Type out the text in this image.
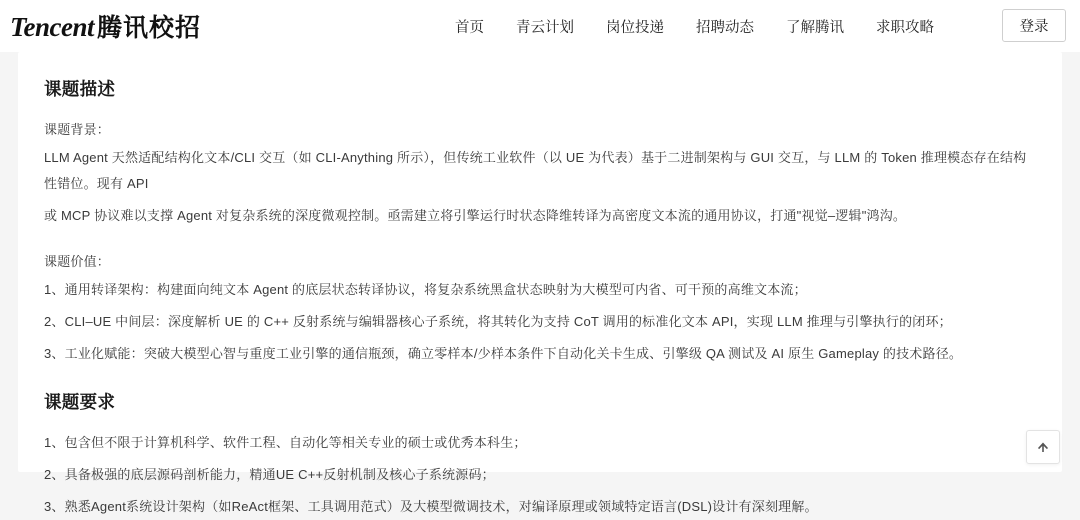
Tencent 腾讯校招	首页 青云计划 岗位投递 招聘动态 了解腾讯 求职攻略	登录
课题描述

课题背景：

LLM Agent 天然适配结构化文本/CLI 交互（如 CLI-Anything 所示），但传统工业软件（以 UE 为代表）基于二进制架构与 GUI 交互，与 LLM 的 Token 推理模态存在结构性错位。现有 API

或 MCP 协议难以支撑 Agent 对复杂系统的深度微观控制。亟需建立将引擎运行时状态降维转译为高密度文本流的通用协议，打通"视觉–逻辑"鸿沟。

课题价值：

1、通用转译架构：构建面向纯文本 Agent 的底层状态转译协议，将复杂系统黑盒状态映射为大模型可内省、可干预的高维文本流；

2、CLI–UE 中间层：深度解析 UE 的 C++ 反射系统与编辑器核心子系统，将其转化为支持 CoT 调用的标准化文本 API，实现 LLM 推理与引擎执行的闭环；

3、工业化赋能：突破大模型心智与重度工业引擎的通信瓶颈，确立零样本/少样本条件下自动化关卡生成、引擎级 QA 测试及 AI 原生 Gameplay 的技术路径。

课题要求

1、包含但不限于计算机科学、软件工程、自动化等相关专业的硕士或优秀本科生；

2、具备极强的底层源码剖析能力，精通UE C++反射机制及核心子系统源码；

3、熟悉Agent系统设计架构（如ReAct框架、工具调用范式）及大模型微调技术，对编译原理或领域特定语言(DSL)设计有深刻理解。
